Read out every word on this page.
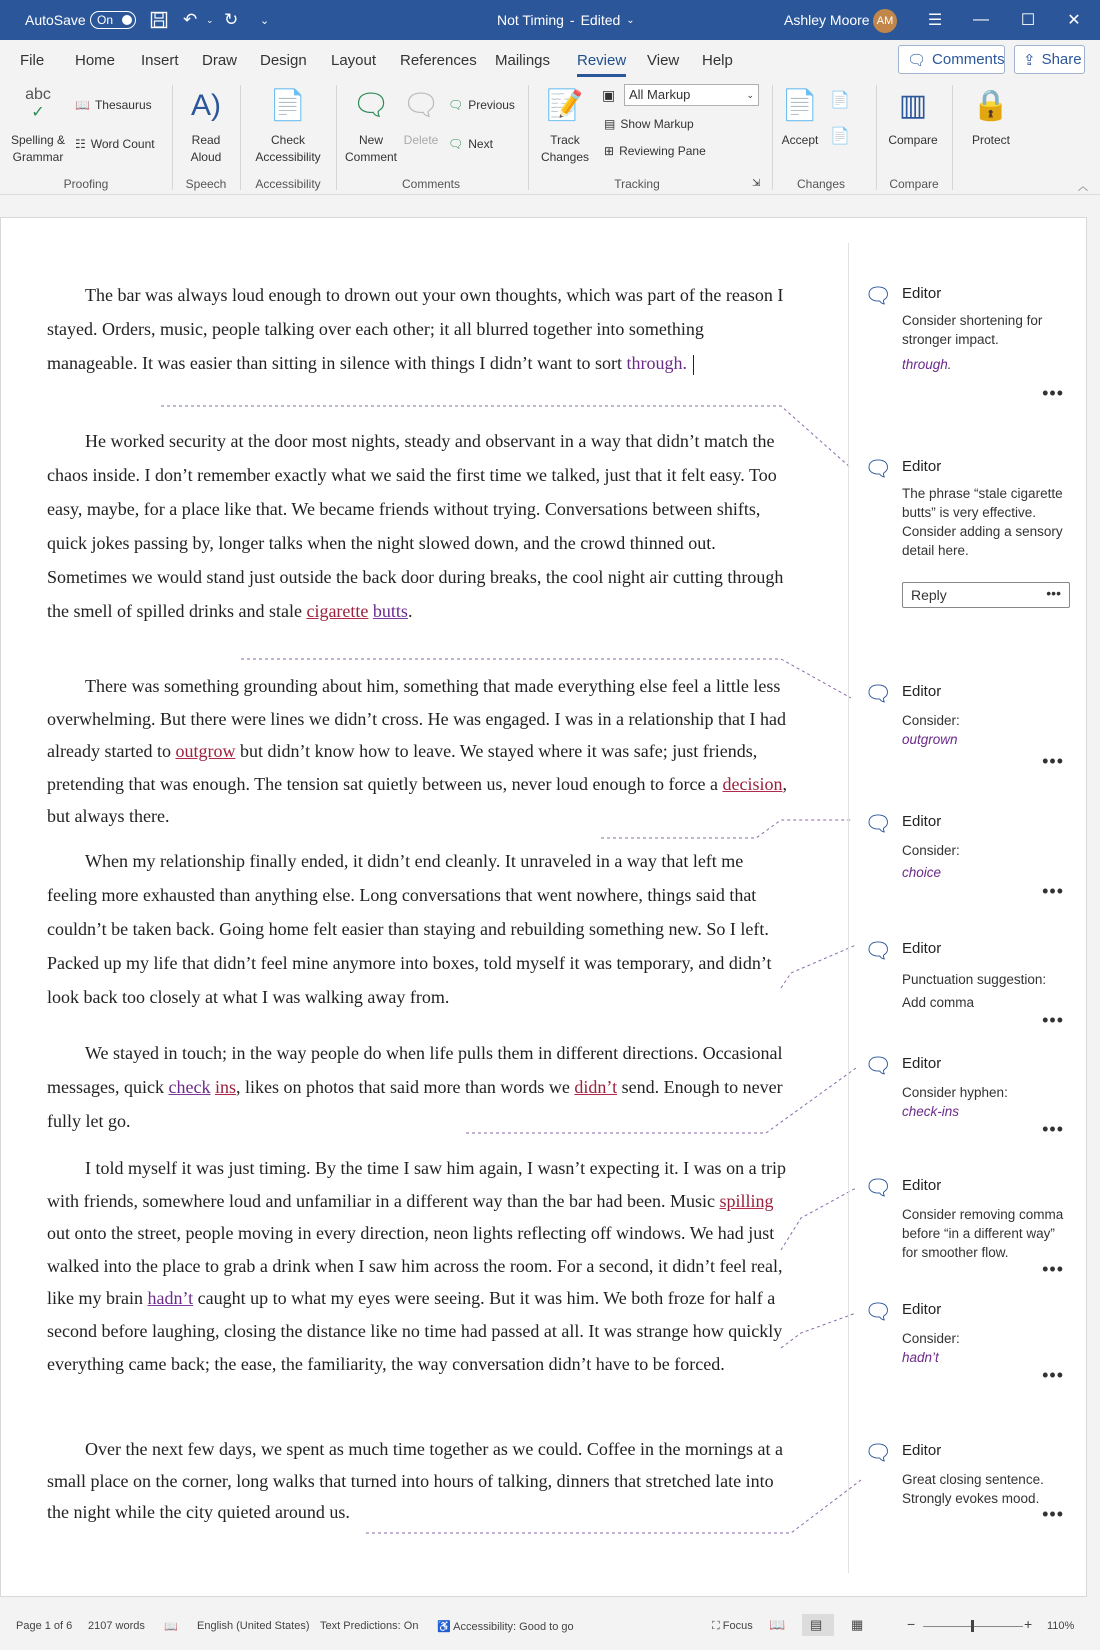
AutoSave On	↶ ⌄ ↻ ⌄	Not Timing - Edited ⌄	Ashley Moore AM	☰	—	☐	✕
File Home Insert Draw Design Layout References Mailings Review View Help	🗨 Comments ⇪ Share
abc
✓
Spelling & Grammar
📖 Thesaurus
☷ Word Count
Proofing
A)
Read Aloud
Speech
📄
Check Accessibility
Accessibility
🗨
New Comment
🗨
Delete
🗨 Previous
🗨 Next
Comments
📝
Track Changes
▣	All Markup	⌄
▤ Show Markup
⊞ Reviewing Pane
Tracking	⇲
📄
Accept
📄
📄
Changes
▥
Compare
Compare
🔒
Protect
︿

The bar was always loud enough to drown out your own thoughts, which was part of the reason I stayed. Orders, music, people talking over each other; it all blurred together into something manageable. It was easier than sitting in silence with things I didn’t want to sort through.

He worked security at the door most nights, steady and observant in a way that didn’t match the chaos inside. I don’t remember exactly what we said the first time we talked, just that it felt easy. Too easy, maybe, for a place like that. We became friends without trying. Conversations between shifts, quick jokes passing by, longer talks when the night slowed down, and the crowd thinned out. Sometimes we would stand just outside the back door during breaks, the cool night air cutting through the smell of spilled drinks and stale cigarette butts.

There was something grounding about him, something that made everything else feel a little less overwhelming. But there were lines we didn’t cross. He was engaged. I was in a relationship that I had already started to outgrow but didn’t know how to leave. We stayed where it was safe; just friends, pretending that was enough. The tension sat quietly between us, never loud enough to force a decision, but always there.

When my relationship finally ended, it didn’t end cleanly. It unraveled in a way that left me feeling more exhausted than anything else. Long conversations that went nowhere, things said that couldn’t be taken back. Going home felt easier than staying and rebuilding something new. So I left. Packed up my life that didn’t feel mine anymore into boxes, told myself it was temporary, and didn’t look back too closely at what I was walking away from.

We stayed in touch; in the way people do when life pulls them in different directions. Occasional messages, quick check ins, likes on photos that said more than words we didn’t send. Enough to never fully let go.

I told myself it was just timing. By the time I saw him again, I wasn’t expecting it. I was on a trip with friends, somewhere loud and unfamiliar in a different way than the bar had been. Music spilling out onto the street, people moving in every direction, neon lights reflecting off windows. We had just walked into the place to grab a drink when I saw him across the room. For a second, it didn’t feel real, like my brain hadn’t caught up to what my eyes were seeing. But it was him. We both froze for half a second before laughing, closing the distance like no time had passed at all. It was strange how quickly everything came back; the ease, the familiarity, the way conversation didn’t have to be forced.

Over the next few days, we spent as much time together as we could. Coffee in the mornings at a small place on the corner, long walks that turned into hours of talking, dinners that stretched late into the night while the city quieted around us.

🗨 Editor
Consider shortening for stronger impact.
through.
•••
🗨 Editor
The phrase “stale cigarette butts” is very effective. Consider adding a sensory detail here.
Reply	•••
🗨 Editor
Consider:
outgrown
•••
🗨 Editor
Consider:
choice
•••
🗨 Editor
Punctuation suggestion: Add comma
•••
🗨 Editor
Consider hyphen:
check-ins
•••
🗨 Editor
Consider removing comma before “in a different way” for smoother flow.
•••
🗨 Editor
Consider:
hadn’t
•••
🗨 Editor
Great closing sentence. Strongly evokes mood.
•••
Page 1 of 6 2107 words 📖 English (United States) Text Predictions: On ♿ Accessibility: Good to go	⛶ Focus 📖 ▤ ▦	−	+ 110%
